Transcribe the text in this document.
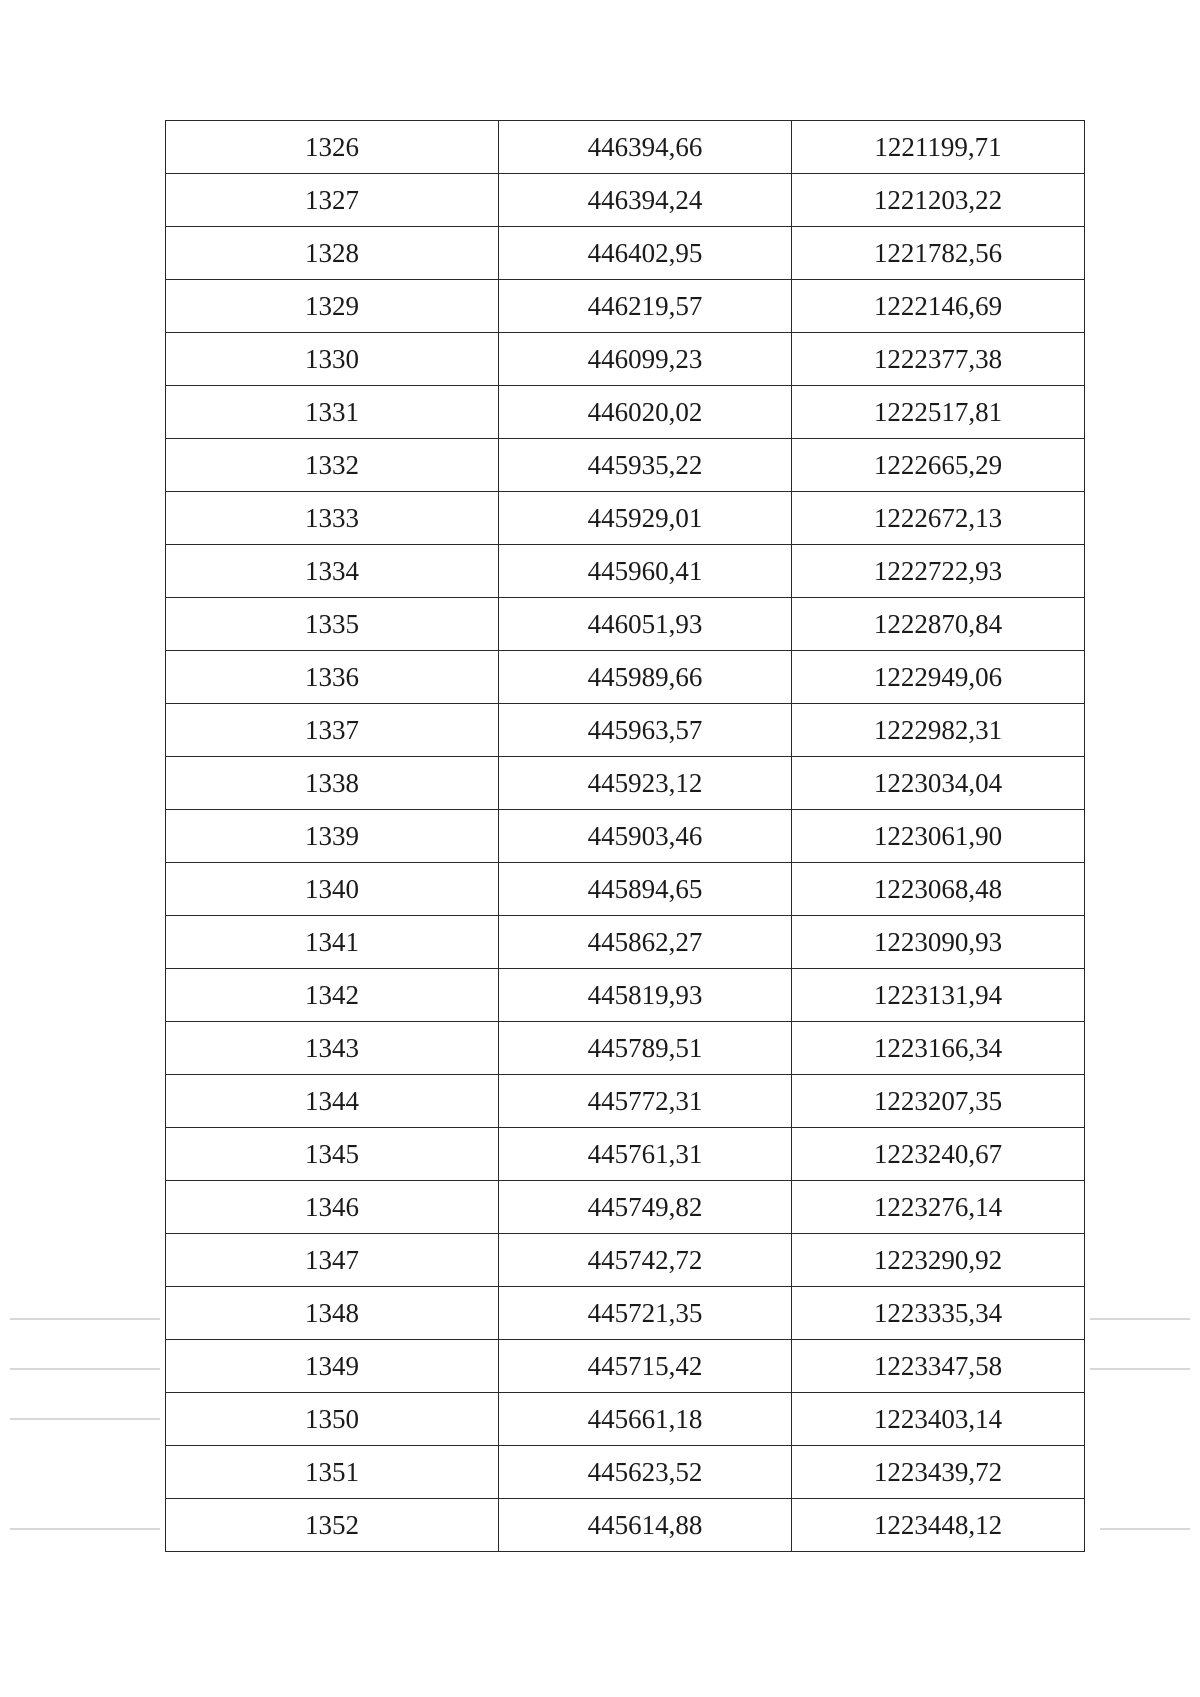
1326	446394,66	1221199,71
1327	446394,24	1221203,22
1328	446402,95	1221782,56
1329	446219,57	1222146,69
1330	446099,23	1222377,38
1331	446020,02	1222517,81
1332	445935,22	1222665,29
1333	445929,01	1222672,13
1334	445960,41	1222722,93
1335	446051,93	1222870,84
1336	445989,66	1222949,06
1337	445963,57	1222982,31
1338	445923,12	1223034,04
1339	445903,46	1223061,90
1340	445894,65	1223068,48
1341	445862,27	1223090,93
1342	445819,93	1223131,94
1343	445789,51	1223166,34
1344	445772,31	1223207,35
1345	445761,31	1223240,67
1346	445749,82	1223276,14
1347	445742,72	1223290,92
1348	445721,35	1223335,34
1349	445715,42	1223347,58
1350	445661,18	1223403,14
1351	445623,52	1223439,72
1352	445614,88	1223448,12
